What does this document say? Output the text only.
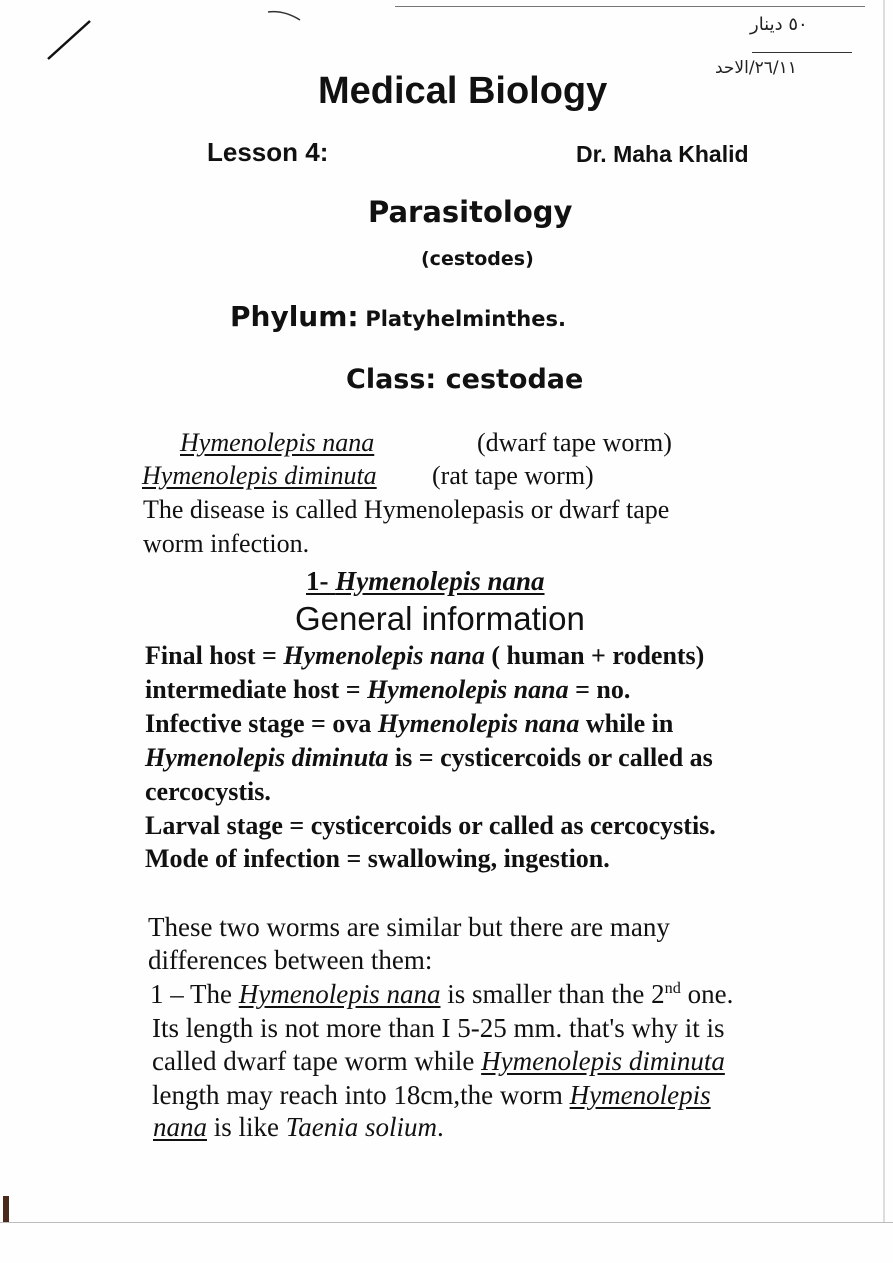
٥٠ دينار
٢٦/١١/الاحد
Medical Biology
Lesson 4:	Dr. Maha Khalid
Parasitology
(cestodes)
Phylum: Platyhelminthes.
Class: cestodae
Hymenolepis nana	(dwarf tape worm)
Hymenolepis diminuta (rat tape worm)
The disease is called Hymenolepasis or dwarf tape
worm infection.
1- Hymenolepis nana
General information
Final host = Hymenolepis nana ( human + rodents)
intermediate host = Hymenolepis nana = no.
Infective stage = ova Hymenolepis nana while in
Hymenolepis diminuta is = cysticercoids or called as
cercocystis.
Larval stage = cysticercoids or called as cercocystis.
Mode of infection = swallowing, ingestion.
These two worms are similar but there are many
differences between them:
1 – The Hymenolepis nana is smaller than the 2nd one.
Its length is not more than I 5-25 mm. that's why it is
called dwarf tape worm while Hymenolepis diminuta
length may reach into 18cm,the worm Hymenolepis
nana is like Taenia solium.
